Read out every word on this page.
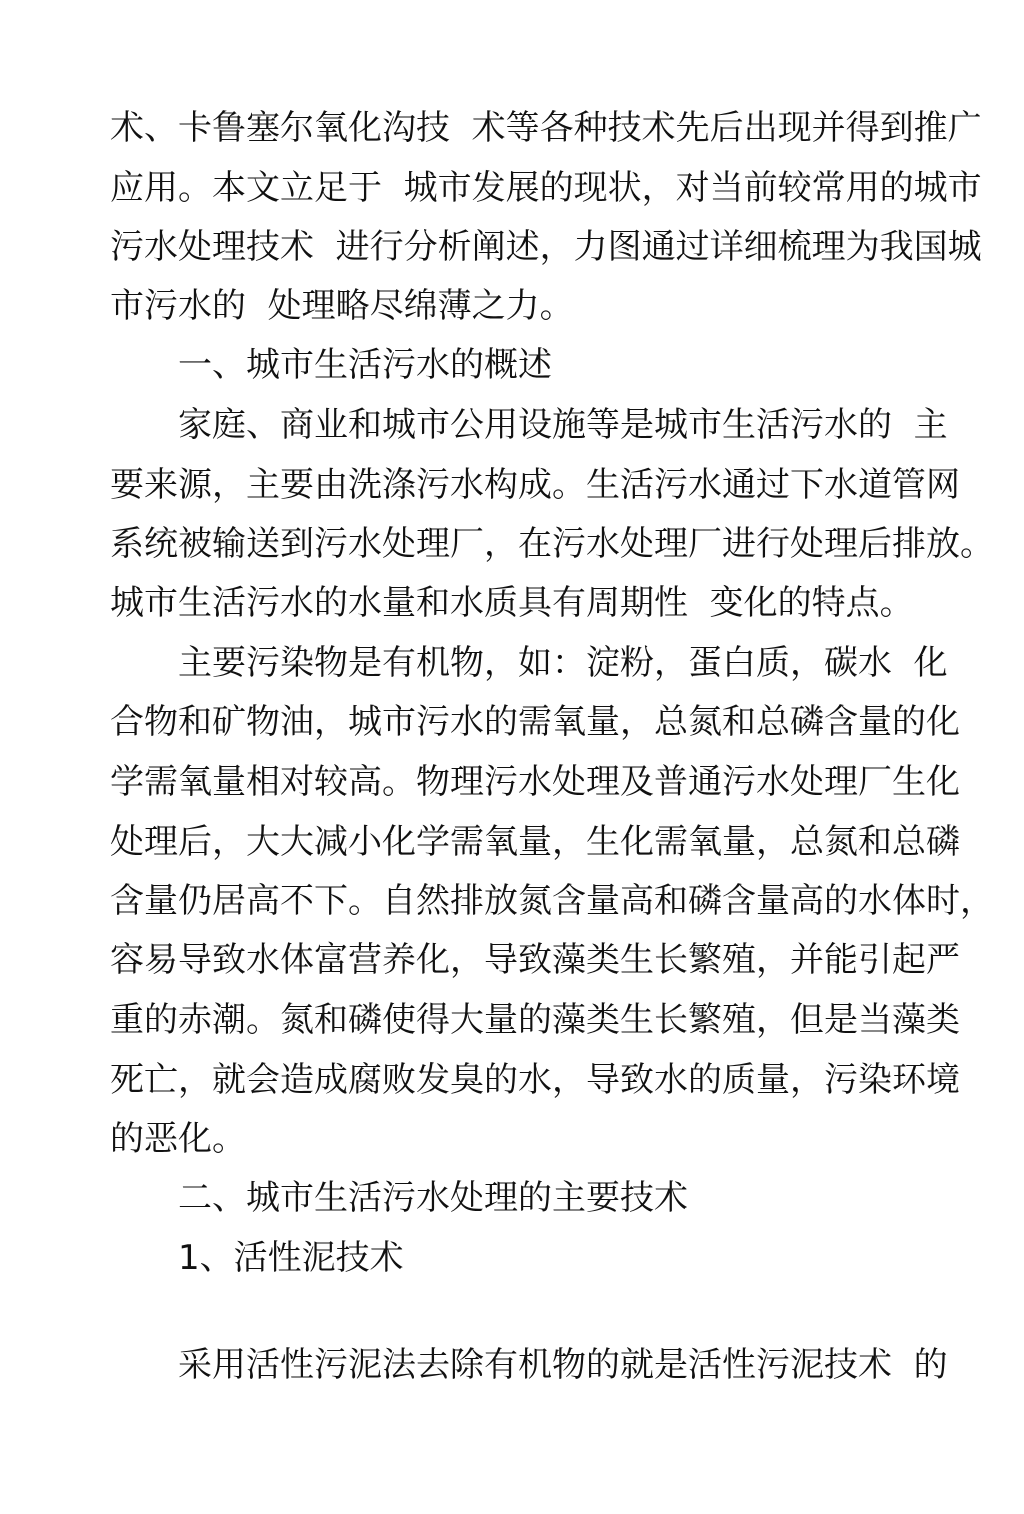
术、卡鲁塞尔氧化沟技  术等各种技术先后出现并得到推广
应用。本文立足于  城市发展的现状，对当前较常用的城市
污水处理技术  进行分析阐述，力图通过详细梳理为我国城
市污水的  处理略尽绵薄之力。
一、城市生活污水的概述
家庭、商业和城市公用设施等是城市生活污水的  主
要来源，主要由洗涤污水构成。生活污水通过下水道管网
系统被输送到污水处理厂，在污水处理厂进行处理后排放。
城市生活污水的水量和水质具有周期性  变化的特点。
主要污染物是有机物，如：淀粉，蛋白质，碳水  化
合物和矿物油，城市污水的需氧量，总氮和总磷含量的化
学需氧量相对较高。物理污水处理及普通污水处理厂生化
处理后，大大减小化学需氧量，生化需氧量，总氮和总磷
含量仍居高不下。自然排放氮含量高和磷含量高的水体时，
容易导致水体富营养化，导致藻类生长繁殖，并能引起严
重的赤潮。氮和磷使得大量的藻类生长繁殖，但是当藻类
死亡，就会造成腐败发臭的水，导致水的质量，污染环境
的恶化。
二、城市生活污水处理的主要技术
1、活性泥技术
采用活性污泥法去除有机物的就是活性污泥技术  的
